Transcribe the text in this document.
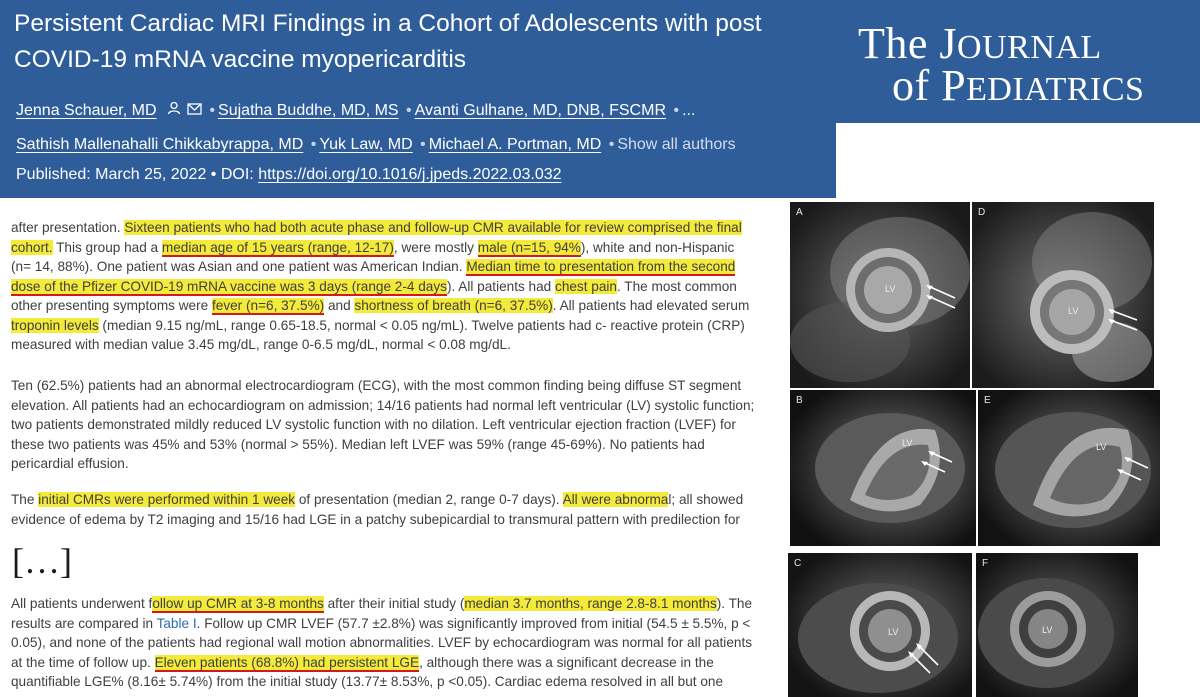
Persistent Cardiac MRI Findings in a Cohort of Adolescents with post
COVID-19 mRNA vaccine myopericarditis
Jenna Schauer, MD	• Sujatha Buddhe, MD, MS • Avanti Gulhane, MD, DNB, FSCMR • ...
Sathish Mallenahalli Chikkabyrappa, MD • Yuk Law, MD • Michael A. Portman, MD • Show all authors
Published: March 25, 2022 • DOI: https://doi.org/10.1016/j.jpeds.2022.03.032
The JOURNAL
of PEDIATRICS
after presentation. Sixteen patients who had both acute phase and follow-up CMR available for review comprised the final cohort. This group had a median age of 15 years (range, 12-17), were mostly male (n=15, 94%), white and non-Hispanic (n= 14, 88%). One patient was Asian and one patient was American Indian. Median time to presentation from the second dose of the Pfizer COVID-19 mRNA vaccine was 3 days (range 2-4 days). All patients had chest pain. The most common other presenting symptoms were fever (n=6, 37.5%) and shortness of breath (n=6, 37.5%). All patients had elevated serum troponin levels (median 9.15 ng/mL, range 0.65-18.5, normal < 0.05 ng/mL). Twelve patients had c- reactive protein (CRP) measured with median value 3.45 mg/dL, range 0-6.5 mg/dL, normal < 0.08 mg/dL.
Ten (62.5%) patients had an abnormal electrocardiogram (ECG), with the most common finding being diffuse ST segment elevation. All patients had an echocardiogram on admission; 14/16 patients had normal left ventricular (LV) systolic function; two patients demonstrated mildly reduced LV systolic function with no dilation. Left ventricular ejection fraction (LVEF) for these two patients was 45% and 53% (normal > 55%). Median left LVEF was 59% (range 45-69%). No patients had pericardial effusion.
The initial CMRs were performed within 1 week of presentation (median 2, range 0-7 days). All were abnormal; all showed evidence of edema by T2 imaging and 15/16 had LGE in a patchy subepicardial to transmural pattern with predilection for
[…]
All patients underwent follow up CMR at 3-8 months after their initial study (median 3.7 months, range 2.8-8.1 months). The results are compared in Table I. Follow up CMR LVEF (57.7 ±2.8%) was significantly improved from initial (54.5 ± 5.5%, p < 0.05), and none of the patients had regional wall motion abnormalities. LVEF by echocardiogram was normal for all patients at the time of follow up. Eleven patients (68.8%) had persistent LGE, although there was a significant decrease in the quantifiable LGE% (8.16± 5.74%) from the initial study (13.77± 8.53%, p <0.05). Cardiac edema resolved in all but one
A
LV
D
LV
B
LV
E
LV
C
LV
F
LV
